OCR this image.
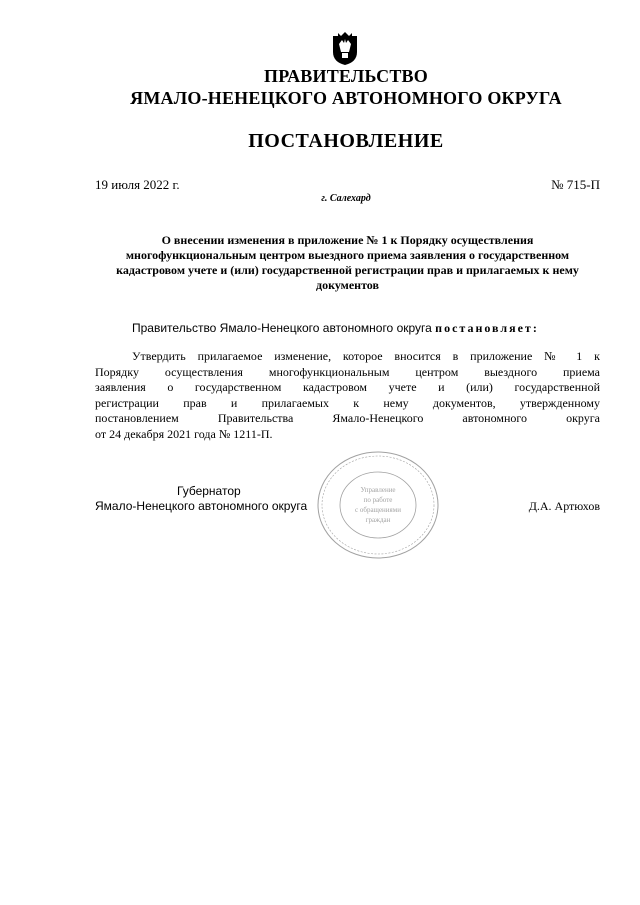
ПРАВИТЕЛЬСТВО
ЯМАЛО-НЕНЕЦКОГО АВТОНОМНОГО ОКРУГА
ПОСТАНОВЛЕНИЕ
19 июля 2022 г.	№ 715-П
г. Салехард
О внесении изменения в приложение № 1 к Порядку осуществления многофункциональным центром выездного приема заявления о государственном кадастровом учете и (или) государственной регистрации прав и прилагаемых к нему документов
Правительство Ямало-Ненецкого автономного округа постановляет:
Утвердить прилагаемое изменение, которое вносится в приложение № 1 к
Порядку осуществления многофункциональным центром выездного приема
заявления о государственном кадастровом учете и (или) государственной
регистрации прав и прилагаемых к нему документов, утвержденному
постановлением Правительства Ямало-Ненецкого автономного округа
от 24 декабря 2021 года № 1211-П.
Губернатор
Ямало-Ненецкого автономного округа	Д.А. Артюхов
Управление
по работе
с обращениями
граждан
